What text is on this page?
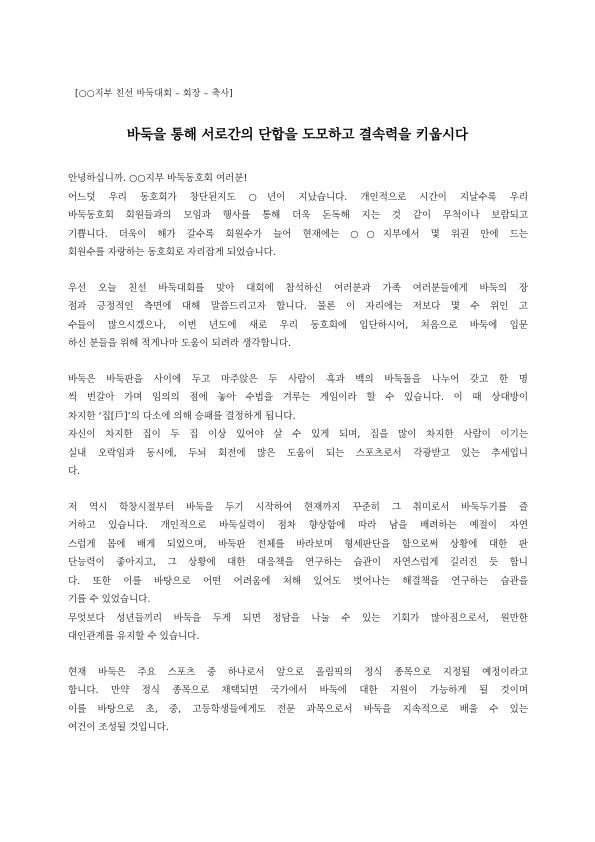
[○○지부 친선 바둑대회 – 회장 – 축사]
바둑을 통해 서로간의 단합을 도모하고 결속력을 키웁시다
안녕하십니까. ○○지부 바둑동호회 여러분!
어느덧 우리 동호회가 창단된지도 ○년이 지났습니다. 개인적으로 시간이 지날수록 우리
바둑동호회 회원들과의 모임과 행사를 통해 더욱 돈독해 지는 것 같이 무척이나 보람되고
기쁩니다. 더욱이 해가 갈수록 회원수가 늘어 현재에는 ○○지부에서 몇 위권 안에 드는
회원수를 자랑하는 동호회로 자리잡게 되었습니다.
우선 오늘 친선 바둑대회를 맞아 대회에 참석하신 여러분과 가족 여러분들에게 바둑의 장
점과 긍정적인 측면에 대해 말씀드리고자 합니다. 물론 이 자리에는 저보다 몇 수 위인 고
수들이 많으시겠으나, 이번 년도에 새로 우리 동호회에 입단하시어, 처음으로 바둑에 입문
하신 분들을 위해 적게나마 도움이 되려라 생각합니다.
바둑은 바둑판을 사이에 두고 마주앉은 두 사람이 흑과 백의 바둑돌을 나누어 갖고 한 명
씩 번갈아 가며 임의의 점에 놓아 수법을 겨루는 게임이라 할 수 있습니다. 이 때 상대방이
차지한 ‘집[戶]’의 다소에 의해 승패를 결정하게 됩니다.
자신이 차지한 집이 두 집 이상 있어야 살 수 있게 되며, 집을 많이 차지한 사람이 이기는
실내 오락임과 동시에, 두뇌 회전에 많은 도움이 되는 스포츠로서 각광받고 있는 추세입니
다.
저 역시 학창시절부터 바둑을 두기 시작하여 현재까지 꾸준히 그 취미로서 바둑두기를 즐
거하고 있습니다. 개인적으로 바둑실력이 점차 향상함에 따라 남을 배려하는 예절이 자연
스럽게 몸에 배게 되었으며, 바둑판 전체를 바라보며 형세판단을 함으로써 상황에 대한 판
단능력이 좋아지고, 그 상황에 대한 대응책을 연구하는 습관이 자연스럽게 길러진 듯 합니
다. 또한 이를 바탕으로 어떤 어려움에 처해 있어도 벗어나는 해결책을 연구하는 습관을
기를 수 있었습니다.
무엇보다 성년들끼리 바둑을 두게 되면 정담을 나눌 수 있는 기회가 많아짐으로서, 원만한
대인관계를 유지할 수 있습니다.
현재 바둑은 주요 스포츠 중 하나로서 앞으로 올림픽의 정식 종목으로 지정될 예정이라고
합니다. 만약 정식 종목으로 채택되면 국가에서 바둑에 대한 지원이 가능하게 될 것이며
이를 바탕으로 초, 중, 고등학생들에게도 전문 과목으로서 바둑을 지속적으로 배울 수 있는
여건이 조성될 것입니다.
